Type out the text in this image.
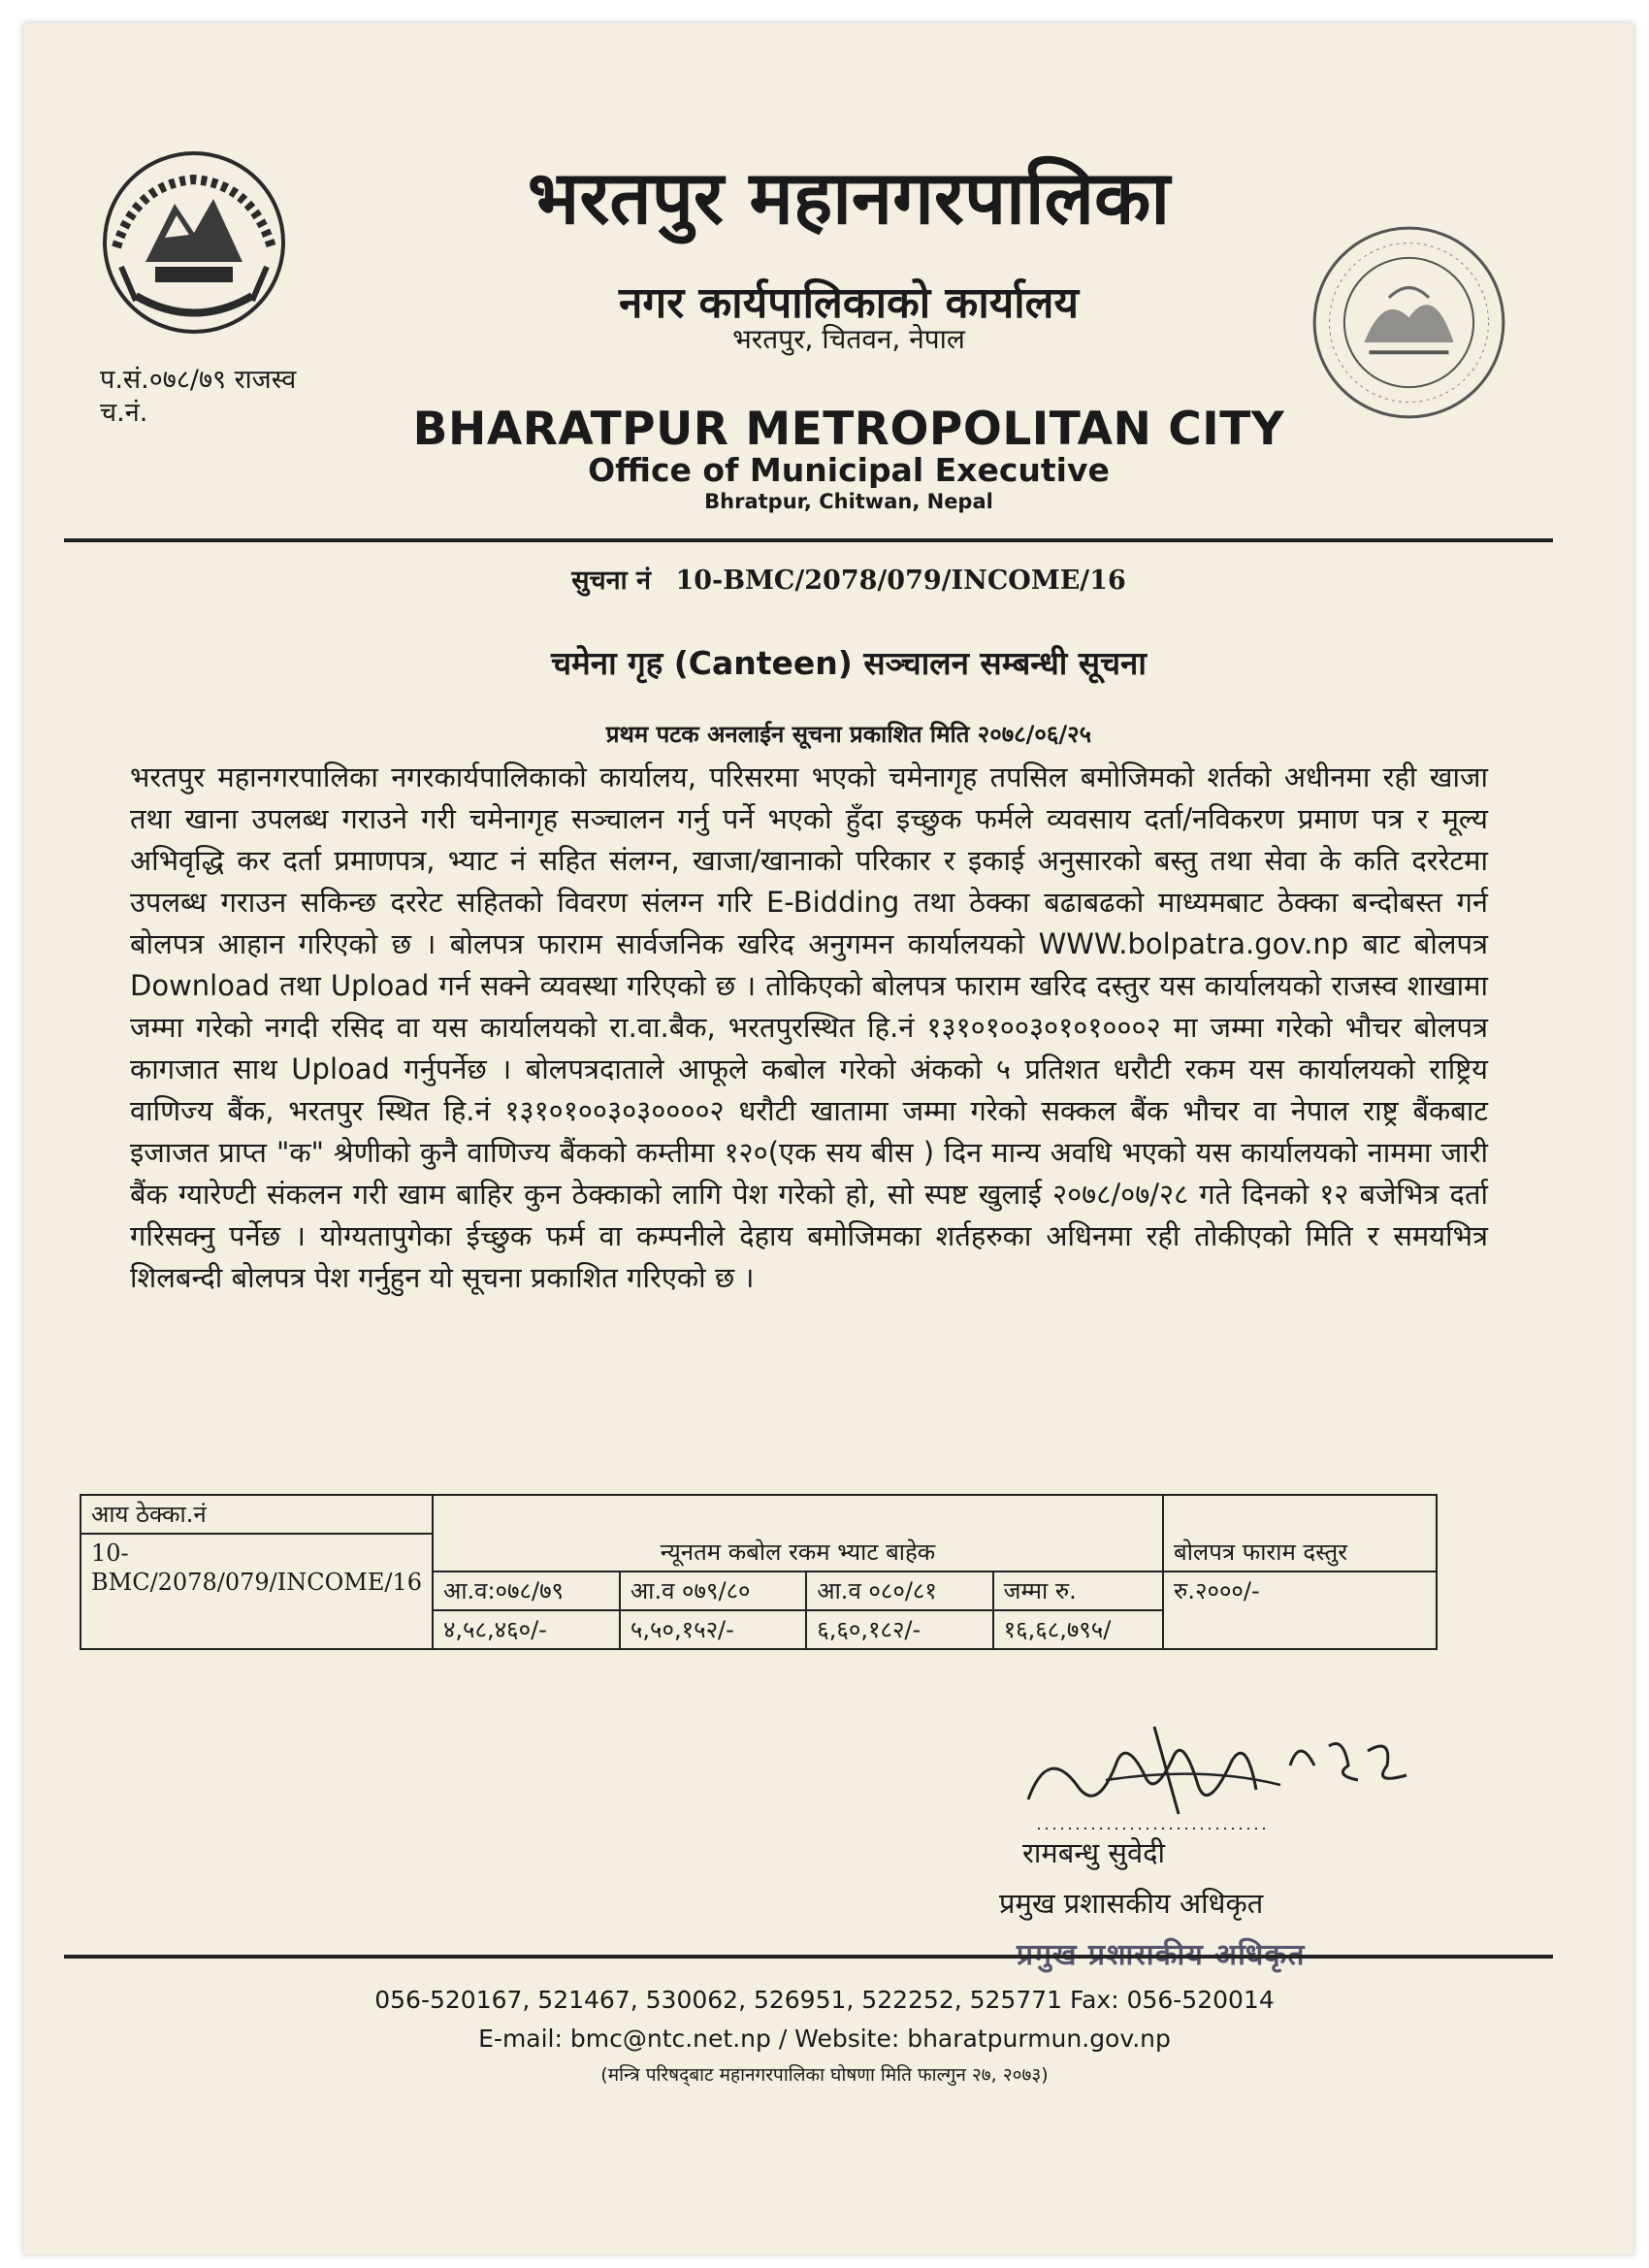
प.सं.०७८/७९ राजस्व
च.नं.
भरतपुर महानगरपालिका
नगर कार्यपालिकाको कार्यालय
भरतपुर, चितवन, नेपाल
BHARATPUR METROPOLITAN CITY
Office of Municipal Executive
Bhratpur, Chitwan, Nepal
सुचना नं 10-BMC/2078/079/INCOME/16
चमेना गृह (Canteen) सञ्चालन सम्बन्धी सूचना
प्रथम पटक अनलाईन सूचना प्रकाशित मिति २०७८/०६/२५
भरतपुर महानगरपालिका नगरकार्यपालिकाको कार्यालय, परिसरमा भएको चमेनागृह तपसिल बमोजिमको शर्तको अधीनमा रही खाजा तथा खाना उपलब्ध गराउने गरी चमेनागृह सञ्चालन गर्नु पर्ने भएको हुँदा इच्छुक फर्मले व्यवसाय दर्ता/नविकरण प्रमाण पत्र र मूल्य अभिवृद्धि कर दर्ता प्रमाणपत्र, भ्याट नं सहित संलग्न, खाजा/खानाको परिकार र इकाई अनुसारको बस्तु तथा सेवा के कति दररेटमा उपलब्ध गराउन सकिन्छ दररेट सहितको विवरण संलग्न गरि E-Bidding तथा ठेक्का बढाबढको माध्यमबाट ठेक्का बन्दोबस्त गर्न बोलपत्र आहान गरिएको छ । बोलपत्र फाराम सार्वजनिक खरिद अनुगमन कार्यालयको WWW.bolpatra.gov.np बाट बोलपत्र Download तथा Upload गर्न सक्ने व्यवस्था गरिएको छ । तोकिएको बोलपत्र फाराम खरिद दस्तुर यस कार्यालयको राजस्व शाखामा जम्मा गरेको नगदी रसिद वा यस कार्यालयको रा.वा.बैक, भरतपुरस्थित हि.नं १३१०१००३०१०१०००२ मा जम्मा गरेको भौचर बोलपत्र कागजात साथ Upload गर्नुपर्नेछ । बोलपत्रदाताले आफूले कबोल गरेको अंकको ५ प्रतिशत धरौटी रकम यस कार्यालयको राष्ट्रिय वाणिज्य बैंक, भरतपुर स्थित हि.नं १३१०१००३०३००००२ धरौटी खातामा जम्मा गरेको सक्कल बैंक भौचर वा नेपाल राष्ट्र बैंकबाट इजाजत प्राप्त "क" श्रेणीको कुनै वाणिज्य बैंकको कम्तीमा १२०(एक सय बीस ) दिन मान्य अवधि भएको यस कार्यालयको नाममा जारी बैंक ग्यारेण्टी संकलन गरी खाम बाहिर कुन ठेक्काको लागि पेश गरेको हो, सो स्पष्ट खुलाई २०७८/०७/२८ गते दिनको १२ बजेभित्र दर्ता गरिसक्नु पर्नेछ । योग्यतापुगेका ईच्छुक फर्म वा कम्पनीले देहाय बमोजिमका शर्तहरुका अधिनमा रही तोकीएको मिति र समयभित्र शिलबन्दी बोलपत्र पेश गर्नुहुन यो सूचना प्रकाशित गरिएको छ ।
आय ठेक्का.नं					
10-BMC/2078/079/INCOME/16	न्यूनतम कबोल रकम भ्याट बाहेक				बोलपत्र फाराम दस्तुर
	आ.व:०७८/७९	आ.व ०७९/८०	आ.व ०८०/८१	जम्मा रु.	रु.२०००/-
	४,५८,४६०/-	५,५०,१५२/-	६,६०,१८२/-	१६,६८,७९५/	
रामबन्धु सुवेदी
प्रमुख प्रशासकीय अधिकृत
प्रमुख प्रशासकीय अधिकृत
056-520167, 521467, 530062, 526951, 522252, 525771 Fax: 056-520014
E-mail: bmc@ntc.net.np / Website: bharatpurmun.gov.np
(मन्त्रि परिषद्‌बाट महानगरपालिका घोषणा मिति फाल्गुन २७, २०७३)
